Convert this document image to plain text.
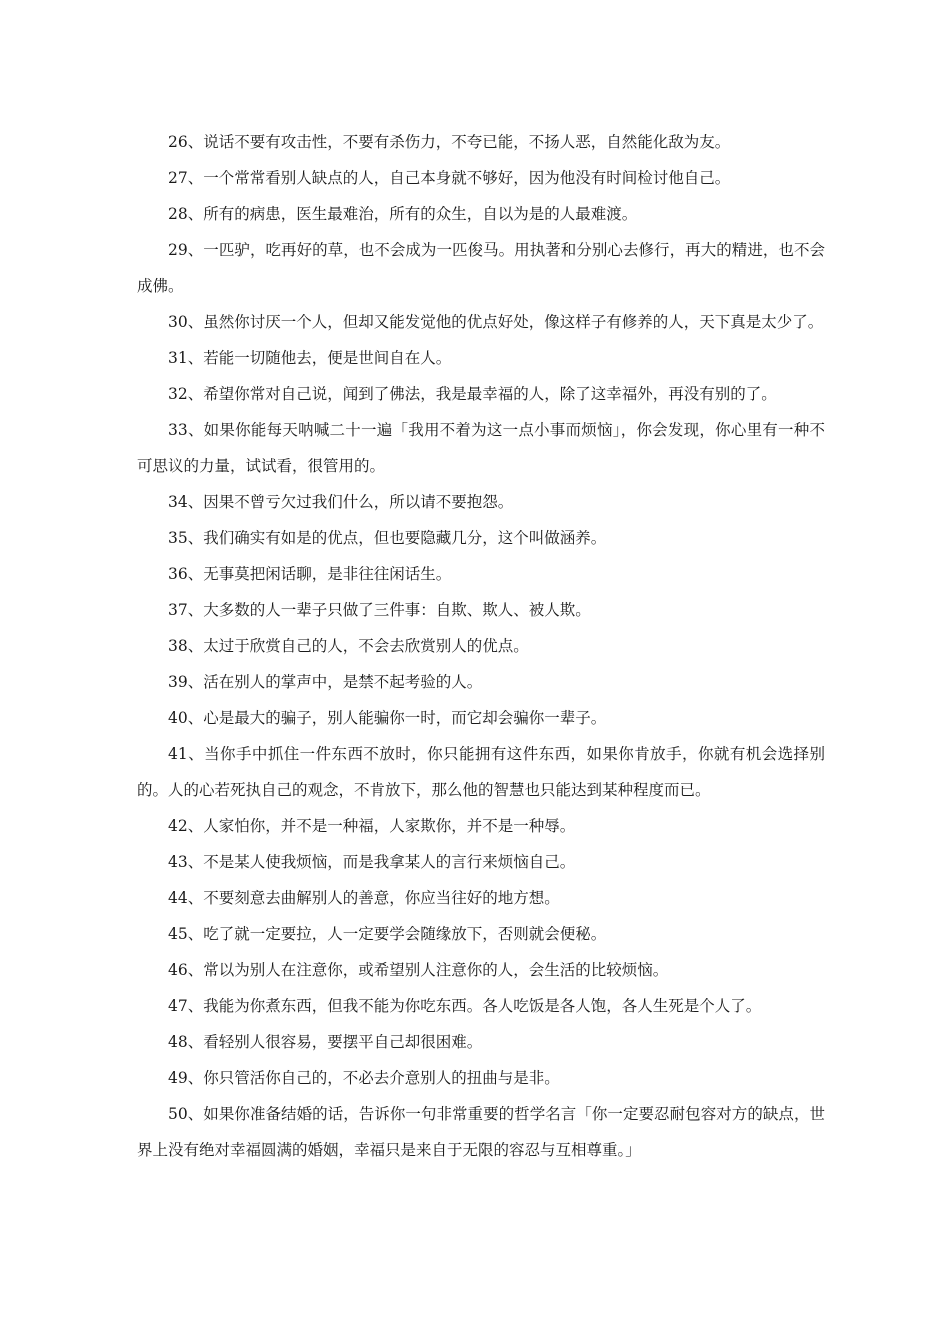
26、说话不要有攻击性，不要有杀伤力，不夸已能，不扬人恶，自然能化敌为友。

27、一个常常看别人缺点的人，自己本身就不够好，因为他没有时间检讨他自己。

28、所有的病患，医生最难治，所有的众生，自以为是的人最难渡。

29、一匹驴，吃再好的草，也不会成为一匹俊马。用执著和分别心去修行，再大的精进，也不会成佛。

30、虽然你讨厌一个人，但却又能发觉他的优点好处，像这样子有修养的人，天下真是太少了。

31、若能一切随他去，便是世间自在人。

32、希望你常对自己说，闻到了佛法，我是最幸福的人，除了这幸福外，再没有别的了。

33、如果你能每天呐喊二十一遍「我用不着为这一点小事而烦恼」，你会发现，你心里有一种不可思议的力量，试试看，很管用的。

34、因果不曾亏欠过我们什么，所以请不要抱怨。

35、我们确实有如是的优点，但也要隐藏几分，这个叫做涵养。

36、无事莫把闲话聊，是非往往闲话生。

37、大多数的人一辈子只做了三件事：自欺、欺人、被人欺。

38、太过于欣赏自己的人，不会去欣赏别人的优点。

39、活在别人的掌声中，是禁不起考验的人。

40、心是最大的骗子，别人能骗你一时，而它却会骗你一辈子。

41、当你手中抓住一件东西不放时，你只能拥有这件东西，如果你肯放手，你就有机会选择别的。人的心若死执自己的观念，不肯放下，那么他的智慧也只能达到某种程度而已。

42、人家怕你，并不是一种福，人家欺你，并不是一种辱。

43、不是某人使我烦恼，而是我拿某人的言行来烦恼自己。

44、不要刻意去曲解别人的善意，你应当往好的地方想。

45、吃了就一定要拉，人一定要学会随缘放下，否则就会便秘。

46、常以为别人在注意你，或希望别人注意你的人，会生活的比较烦恼。

47、我能为你煮东西，但我不能为你吃东西。各人吃饭是各人饱，各人生死是个人了。

48、看轻别人很容易，要摆平自己却很困难。

49、你只管活你自己的，不必去介意别人的扭曲与是非。

50、如果你准备结婚的话，告诉你一句非常重要的哲学名言「你一定要忍耐包容对方的缺点，世界上没有绝对幸福圆满的婚姻，幸福只是来自于无限的容忍与互相尊重。」
